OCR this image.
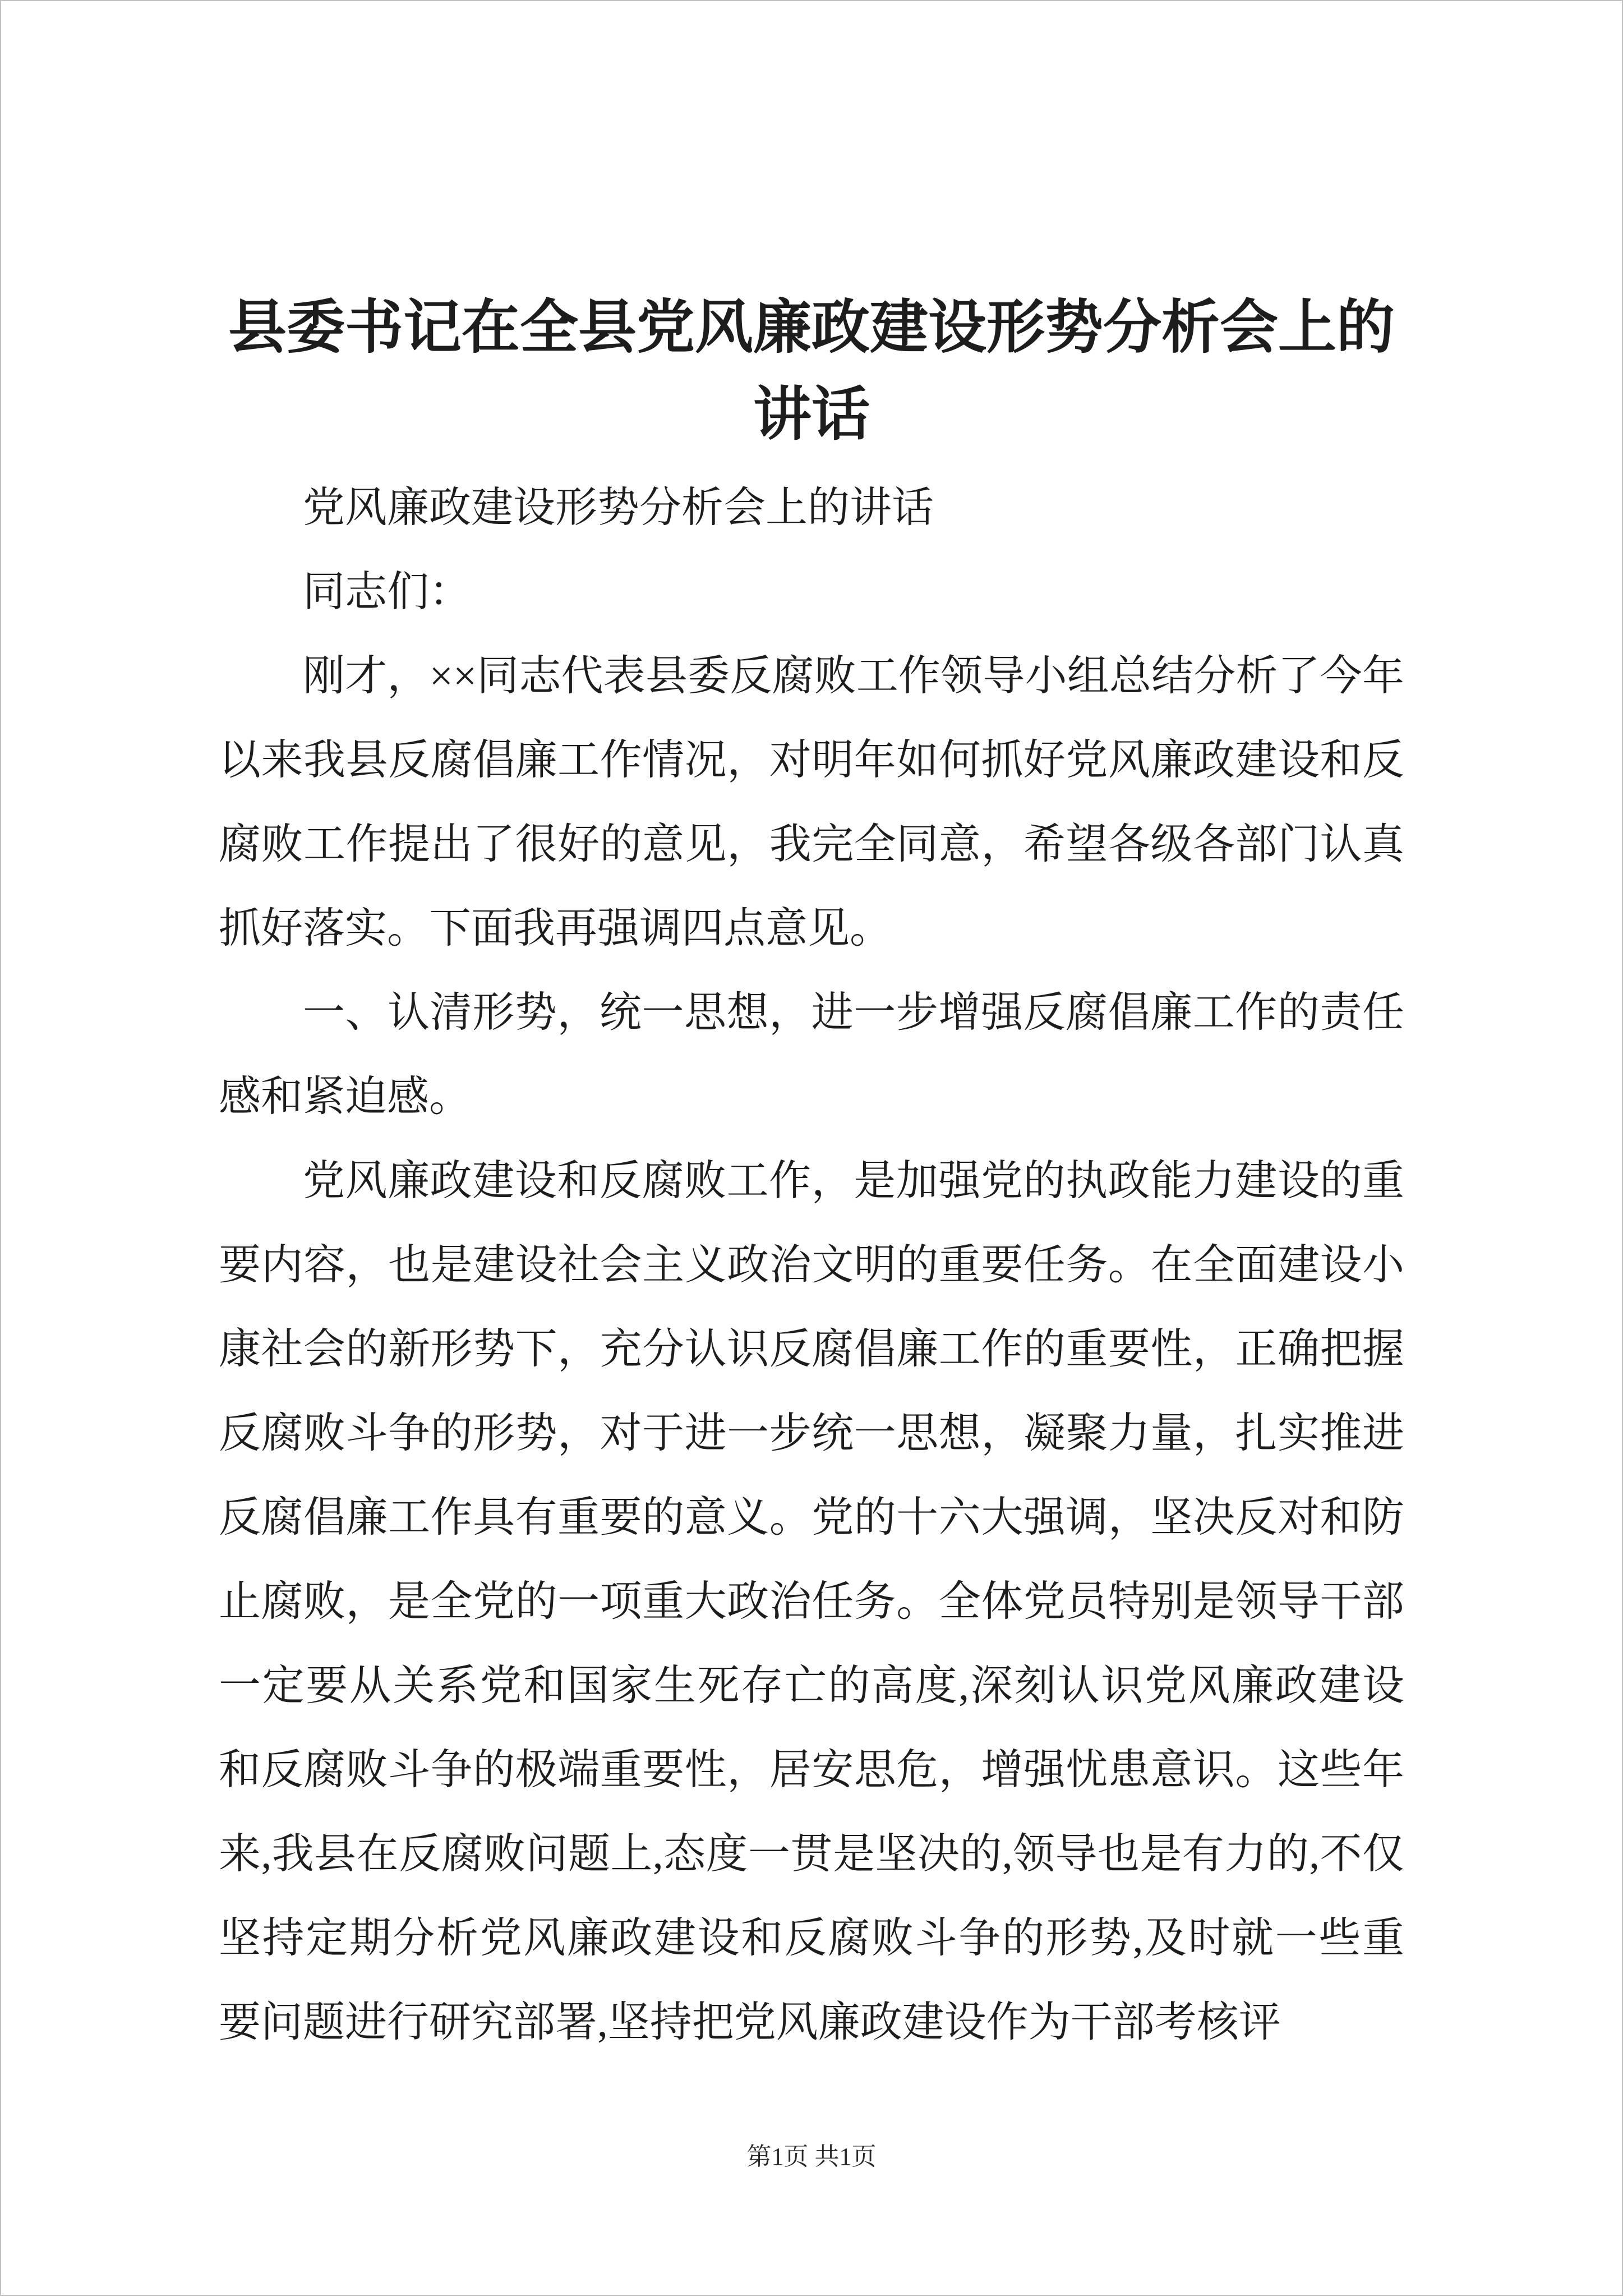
县委书记在全县党风廉政建设形势分析会上的讲话

党风廉政建设形势分析会上的讲话

同志们：

刚才，××同志代表县委反腐败工作领导小组总结分析了今年以来我县反腐倡廉工作情况，对明年如何抓好党风廉政建设和反腐败工作提出了很好的意见，我完全同意，希望各级各部门认真抓好落实。下面我再强调四点意见。

一、认清形势，统一思想，进一步增强反腐倡廉工作的责任感和紧迫感。

党风廉政建设和反腐败工作，是加强党的执政能力建设的重要内容，也是建设社会主义政治文明的重要任务。在全面建设小康社会的新形势下，充分认识反腐倡廉工作的重要性，正确把握反腐败斗争的形势，对于进一步统一思想，凝聚力量，扎实推进反腐倡廉工作具有重要的意义。党的十六大强调，坚决反对和防止腐败，是全党的一项重大政治任务。全体党员特别是领导干部一定要从关系党和国家生死存亡的高度,深刻认识党风廉政建设和反腐败斗争的极端重要性，居安思危，增强忧患意识。这些年来,我县在反腐败问题上,态度一贯是坚决的,领导也是有力的,不仅坚持定期分析党风廉政建设和反腐败斗争的形势,及时就一些重要问题进行研究部署,坚持把党风廉政建设作为干部考核评

第1页 共1页
